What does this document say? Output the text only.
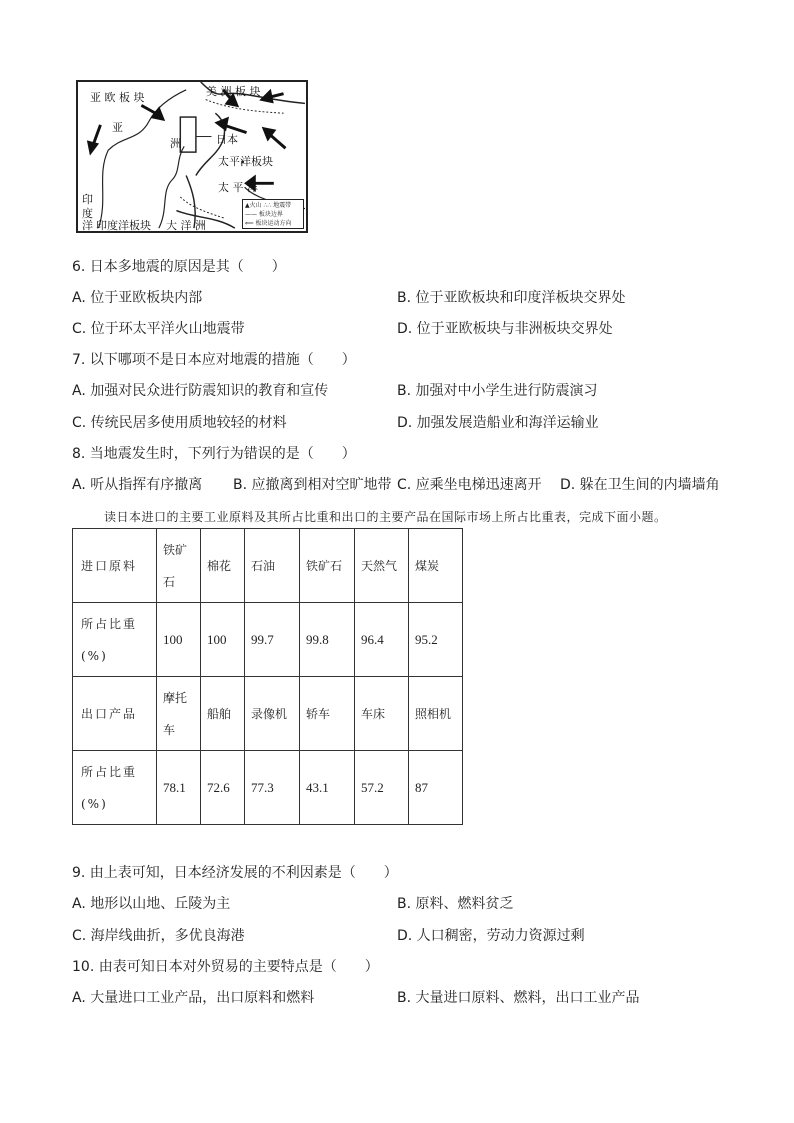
亚 欧 板 块	美 洲 板 块
亚
洲	日本
太平洋板块
太 平 洋
印
度
洋 印度洋板块 大 洋 洲
▲火山 ∴∴ 地震带
—— 板块边界
⟸ 板块运动方向
6. 日本多地震的原因是其（　　）
A. 位于亚欧板块内部	B. 位于亚欧板块和印度洋板块交界处
C. 位于环太平洋火山地震带	D. 位于亚欧板块与非洲板块交界处
7. 以下哪项不是日本应对地震的措施（　　）
A. 加强对民众进行防震知识的教育和宣传	B. 加强对中小学生进行防震演习
C. 传统民居多使用质地较轻的材料	D. 加强发展造船业和海洋运输业
8. 当地震发生时，下列行为错误的是（　　）
A. 听从指挥有序撤离 B. 应撤离到相对空旷地带 C. 应乘坐电梯迅速离开 D. 躲在卫生间的内墙墙角
读日本进口的主要工业原料及其所占比重和出口的主要产品在国际市场上所占比重表，完成下面小题。
进口原料	铁矿石	棉花	石油	铁矿石	天然气	煤炭
所占比重(%)	100	100	99.7	99.8	96.4	95.2
出口产品	摩托车	船舶	录像机	轿车	车床	照相机
所占比重(%)	78.1	72.6	77.3	43.1	57.2	87
9. 由上表可知，日本经济发展的不利因素是（　　）
A. 地形以山地、丘陵为主	B. 原料、燃料贫乏
C. 海岸线曲折，多优良海港	D. 人口稠密，劳动力资源过剩
10. 由表可知日本对外贸易的主要特点是（　　）
A. 大量进口工业产品，出口原料和燃料	B. 大量进口原料、燃料，出口工业产品
